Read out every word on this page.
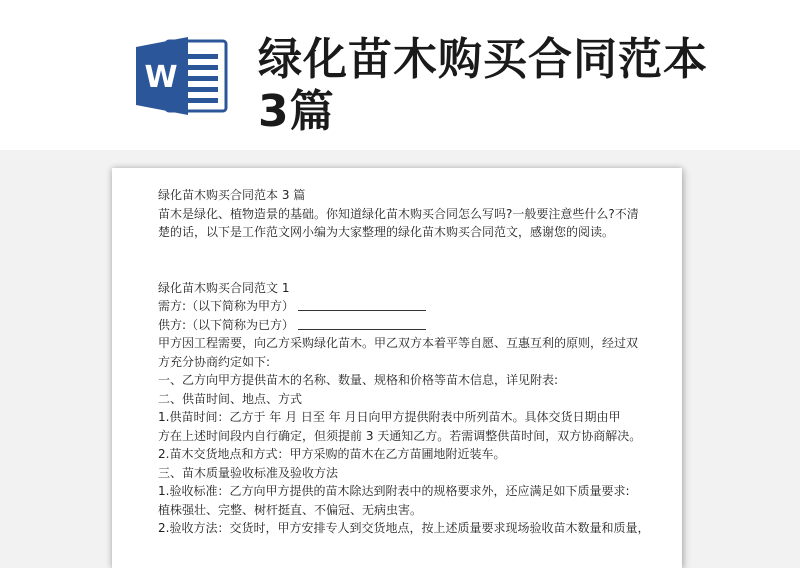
W 绿化苗木购买合同范本3篇

绿化苗木购买合同范本 3 篇

苗木是绿化、植物造景的基础。你知道绿化苗木购买合同怎么写吗?一般要注意些什么?不清

楚的话，以下是工作范文网小编为大家整理的绿化苗木购买合同范文，感谢您的阅读。

绿化苗木购买合同范文 1

需方:（以下简称为甲方）

供方:（以下简称为已方）

甲方因工程需要，向乙方采购绿化苗木。甲乙双方本着平等自愿、互惠互利的原则，经过双

方充分协商约定如下:

一、乙方向甲方提供苗木的名称、数量、规格和价格等苗木信息，详见附表:

二、供苗时间、地点、方式

1.供苗时间：乙方于 年 月 日至 年 月日向甲方提供附表中所列苗木。具体交货日期由甲

方在上述时间段内自行确定，但须提前 3 天通知乙方。若需调整供苗时间，双方协商解决。

2.苗木交货地点和方式：甲方采购的苗木在乙方苗圃地附近装车。

三、苗木质量验收标准及验收方法

1.验收标准：乙方向甲方提供的苗木除达到附表中的规格要求外，还应满足如下质量要求:

植株强壮、完整、树杆挺直、不偏冠、无病虫害。

2.验收方法：交货时，甲方安排专人到交货地点，按上述质量要求现场验收苗木数量和质量，
